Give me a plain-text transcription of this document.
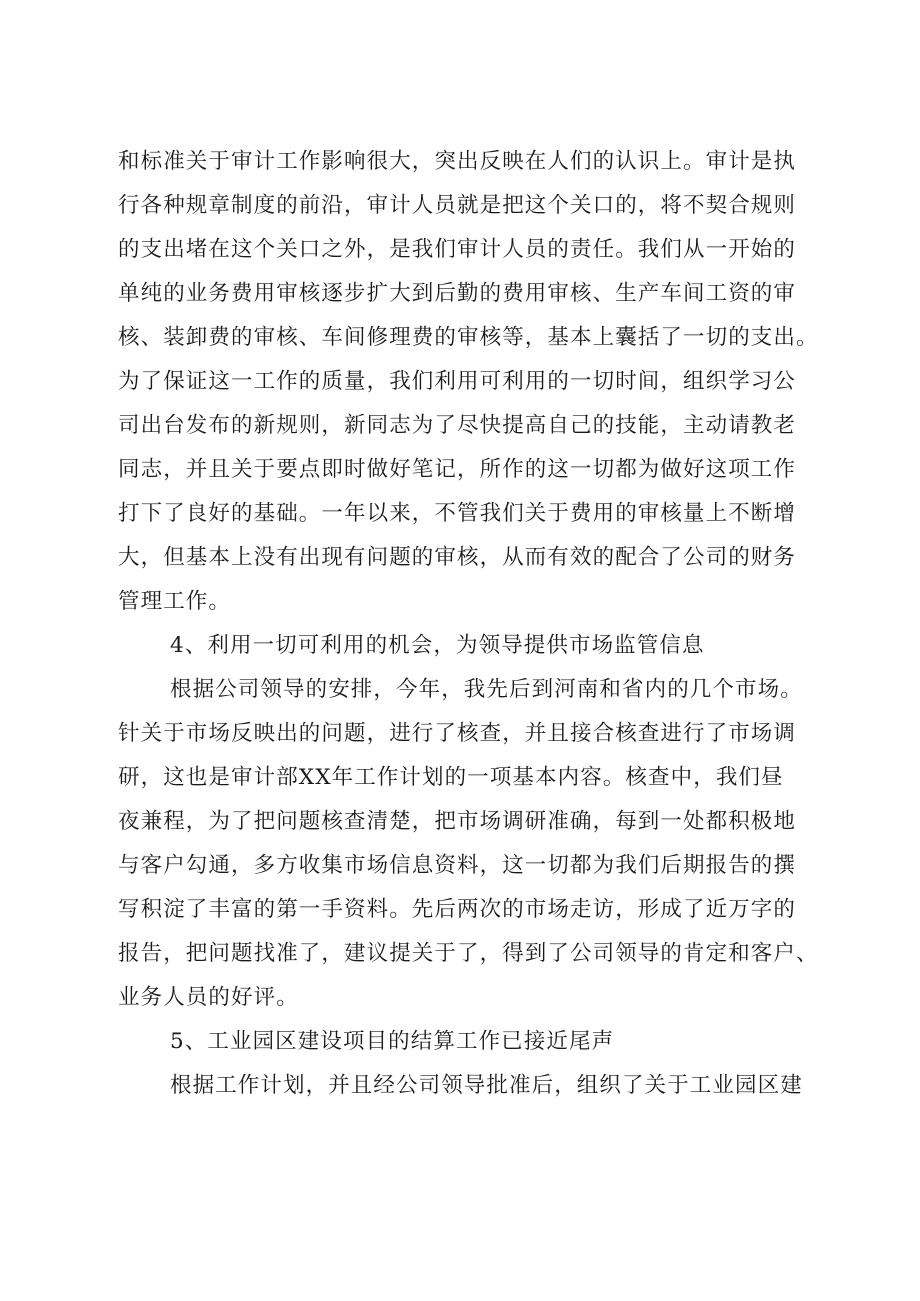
和标准关于审计工作影响很大，突出反映在人们的认识上。审计是执
行各种规章制度的前沿，审计人员就是把这个关口的，将不契合规则
的支出堵在这个关口之外，是我们审计人员的责任。我们从一开始的
单纯的业务费用审核逐步扩大到后勤的费用审核、生产车间工资的审
核、装卸费的审核、车间修理费的审核等，基本上囊括了一切的支出。
为了保证这一工作的质量，我们利用可利用的一切时间，组织学习公
司出台发布的新规则，新同志为了尽快提高自己的技能，主动请教老
同志，并且关于要点即时做好笔记，所作的这一切都为做好这项工作
打下了良好的基础。一年以来，不管我们关于费用的审核量上不断增
大，但基本上没有出现有问题的审核，从而有效的配合了公司的财务
管理工作。
4、利用一切可利用的机会，为领导提供市场监管信息
根据公司领导的安排，今年，我先后到河南和省内的几个市场。
针关于市场反映出的问题，进行了核查，并且接合核查进行了市场调
研，这也是审计部XX年工作计划的一项基本内容。核查中，我们昼
夜兼程，为了把问题核查清楚，把市场调研准确，每到一处都积极地
与客户勾通，多方收集市场信息资料，这一切都为我们后期报告的撰
写积淀了丰富的第一手资料。先后两次的市场走访，形成了近万字的
报告，把问题找准了，建议提关于了，得到了公司领导的肯定和客户、
业务人员的好评。
5、工业园区建设项目的结算工作已接近尾声
根据工作计划，并且经公司领导批准后，组织了关于工业园区建
